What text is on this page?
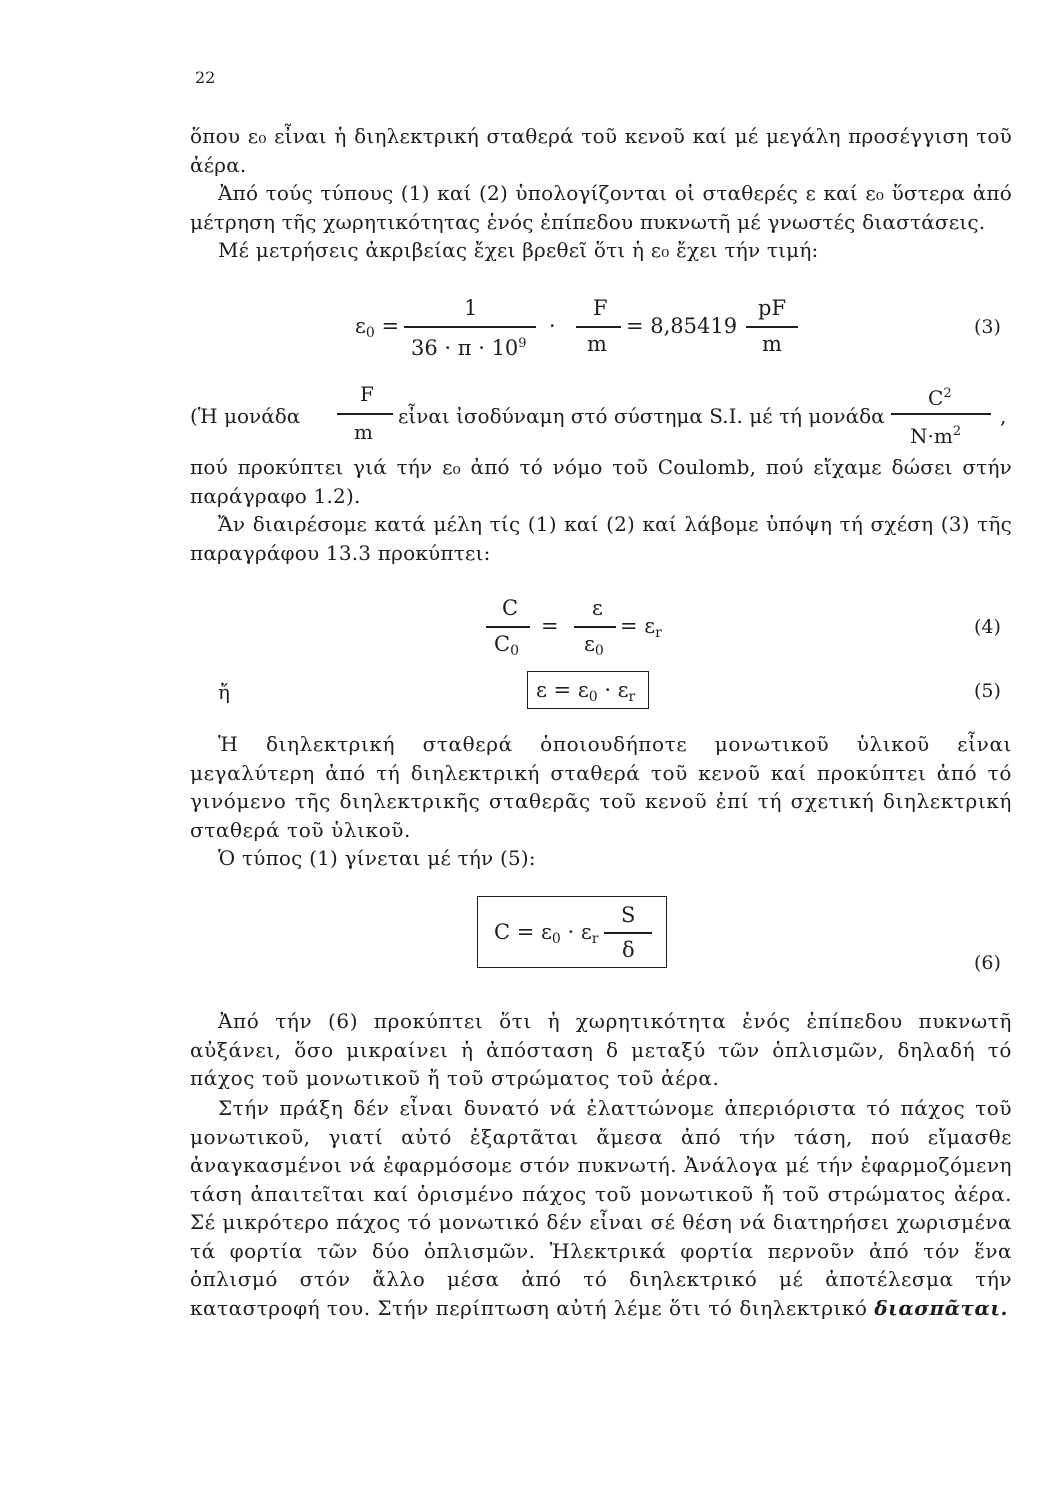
22
ὅπου ε₀ εἶναι ἡ διηλεκτρική σταθερά τοῦ κενοῦ καί μέ μεγάλη προσέγγιση τοῦ ἀέρα.
Ἀπό τούς τύπους (1) καί (2) ὑπολογίζονται οἱ σταθερές ε καί ε₀ ὕστερα ἀπό μέτρηση τῆς χωρητικότητας ἑνός ἐπίπεδου πυκνωτῆ μέ γνωστές διαστάσεις.
Μέ μετρήσεις ἀκριβείας ἔχει βρεθεῖ ὅτι ἡ ε₀ ἔχει τήν τιμή:
$\varepsilon_0$ =
1
$36 \cdot \pi \cdot 10^9$
·
F
m
= 8,85419
pF
m
(3)
(Ἡ μονάδα
F
m
εἶναι ἰσοδύναμη στό σύστημα S.I. μέ τή μονάδα
$C^2$
$N\cdot m^2$
,
πού προκύπτει γιά τήν ε₀ ἀπό τό νόμο τοῦ Coulomb, πού εἴχαμε δώσει στήν παράγραφο 1.2).
Ἄν διαιρέσομε κατά μέλη τίς (1) καί (2) καί λάβομε ὑπόψη τή σχέση (3) τῆς παραγράφου 13.3 προκύπτει:
C
$C_0$
=
ε
$\varepsilon_0$
= $\varepsilon_r$	(4)
ἤ	$\varepsilon = \varepsilon_0 \cdot \varepsilon_r$	(5)
Ἡ διηλεκτρική σταθερά ὁποιουδήποτε μονωτικοῦ ὑλικοῦ εἶναι μεγαλύτερη ἀπό τή διηλεκτρική σταθερά τοῦ κενοῦ καί προκύπτει ἀπό τό γινόμενο τῆς διηλεκτρικῆς σταθερᾶς τοῦ κενοῦ ἐπί τή σχετική διηλεκτρική σταθερά τοῦ ὑλικοῦ.
Ὁ τύπος (1) γίνεται μέ τήν (5):
$C = \varepsilon_0 \cdot \varepsilon_r$
S
δ
(6)
Ἀπό τήν (6) προκύπτει ὅτι ἡ χωρητικότητα ἑνός ἐπίπεδου πυκνωτῆ αὐξάνει, ὅσο μικραίνει ἡ ἀπόσταση δ μεταξύ τῶν ὁπλισμῶν, δηλαδή τό πάχος τοῦ μονωτικοῦ ἤ τοῦ στρώματος τοῦ ἀέρα.
Στήν πράξη δέν εἶναι δυνατό νά ἐλαττώνομε ἀπεριόριστα τό πάχος τοῦ μονωτικοῦ, γιατί αὐτό ἐξαρτᾶται ἄμεσα ἀπό τήν τάση, πού εἴμασθε ἀναγκασμένοι νά ἐφαρμόσομε στόν πυκνωτή. Ἀνάλογα μέ τήν ἐφαρμοζόμενη τάση ἀπαιτεῖται καί ὁρισμένο πάχος τοῦ μονωτικοῦ ἤ τοῦ στρώματος ἀέρα. Σέ μικρότερο πάχος τό μονωτικό δέν εἶναι σέ θέση νά διατηρήσει χωρισμένα τά φορτία τῶν δύο ὁπλισμῶν. Ἠλεκτρικά φορτία περνοῦν ἀπό τόν ἕνα ὁπλισμό στόν ἄλλο μέσα ἀπό τό διηλεκτρικό μέ ἀποτέλεσμα τήν καταστροφή του. Στήν περίπτωση αὐτή λέμε ὅτι τό διηλεκτρικό διασπᾶται.
